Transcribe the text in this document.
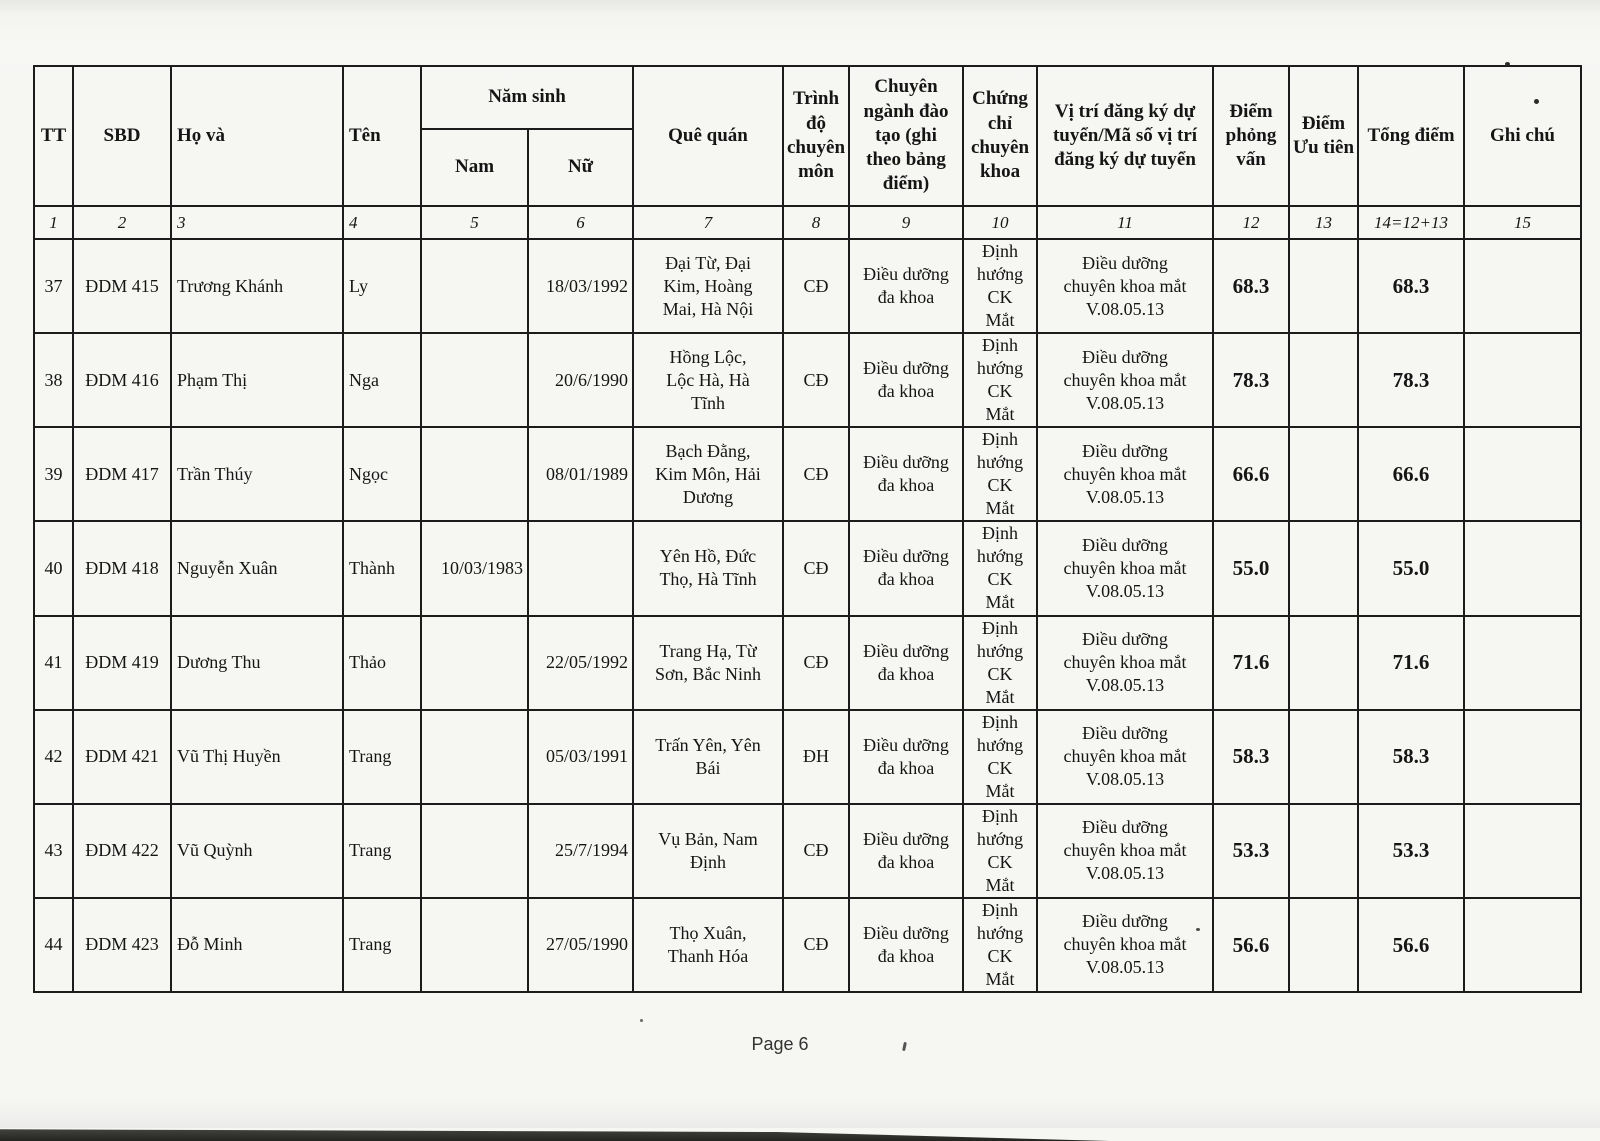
TT	SBD	Họ và	Tên	Năm sinh		Quê quán	Trình độ chuyên môn	Chuyên ngành đào tạo (ghi theo bảng điểm)	Chứng chỉ chuyên khoa	Vị trí đăng ký dự tuyển/Mã số vị trí đăng ký dự tuyển	Điểm phỏng vấn	Điểm Ưu tiên	Tổng điểm	Ghi chú
				Nam	Nữ									
1	2	3	4	5	6	7	8	9	10	11	12	13	14=12+13	15
37	ĐDM 415	Trương Khánh	Ly		18/03/1992	Đại Từ, Đại Kim, Hoàng Mai, Hà Nội	CĐ	Điều dưỡng đa khoa	Định hướng CK Mắt	Điều dưỡng chuyên khoa mắt V.08.05.13	68.3		68.3	
38	ĐDM 416	Phạm Thị	Nga		20/6/1990	Hồng Lộc, Lộc Hà, Hà Tĩnh	CĐ	Điều dưỡng đa khoa	Định hướng CK Mắt	Điều dưỡng chuyên khoa mắt V.08.05.13	78.3		78.3	
39	ĐDM 417	Trần Thúy	Ngọc		08/01/1989	Bạch Đằng, Kim Môn, Hải Dương	CĐ	Điều dưỡng đa khoa	Định hướng CK Mắt	Điều dưỡng chuyên khoa mắt V.08.05.13	66.6		66.6	
40	ĐDM 418	Nguyễn Xuân	Thành	10/03/1983		Yên Hồ, Đức Thọ, Hà Tĩnh	CĐ	Điều dưỡng đa khoa	Định hướng CK Mắt	Điều dưỡng chuyên khoa mắt V.08.05.13	55.0		55.0	
41	ĐDM 419	Dương Thu	Thảo		22/05/1992	Trang Hạ, Từ Sơn, Bắc Ninh	CĐ	Điều dưỡng đa khoa	Định hướng CK Mắt	Điều dưỡng chuyên khoa mắt V.08.05.13	71.6		71.6	
42	ĐDM 421	Vũ Thị Huyền	Trang		05/03/1991	Trấn Yên, Yên Bái	ĐH	Điều dưỡng đa khoa	Định hướng CK Mắt	Điều dưỡng chuyên khoa mắt V.08.05.13	58.3		58.3	
43	ĐDM 422	Vũ Quỳnh	Trang		25/7/1994	Vụ Bản, Nam Định	CĐ	Điều dưỡng đa khoa	Định hướng CK Mắt	Điều dưỡng chuyên khoa mắt V.08.05.13	53.3		53.3	
44	ĐDM 423	Đỗ Minh	Trang		27/05/1990	Thọ Xuân, Thanh Hóa	CĐ	Điều dưỡng đa khoa	Định hướng CK Mắt	Điều dưỡng chuyên khoa mắt V.08.05.13	56.6		56.6	
Page 6
